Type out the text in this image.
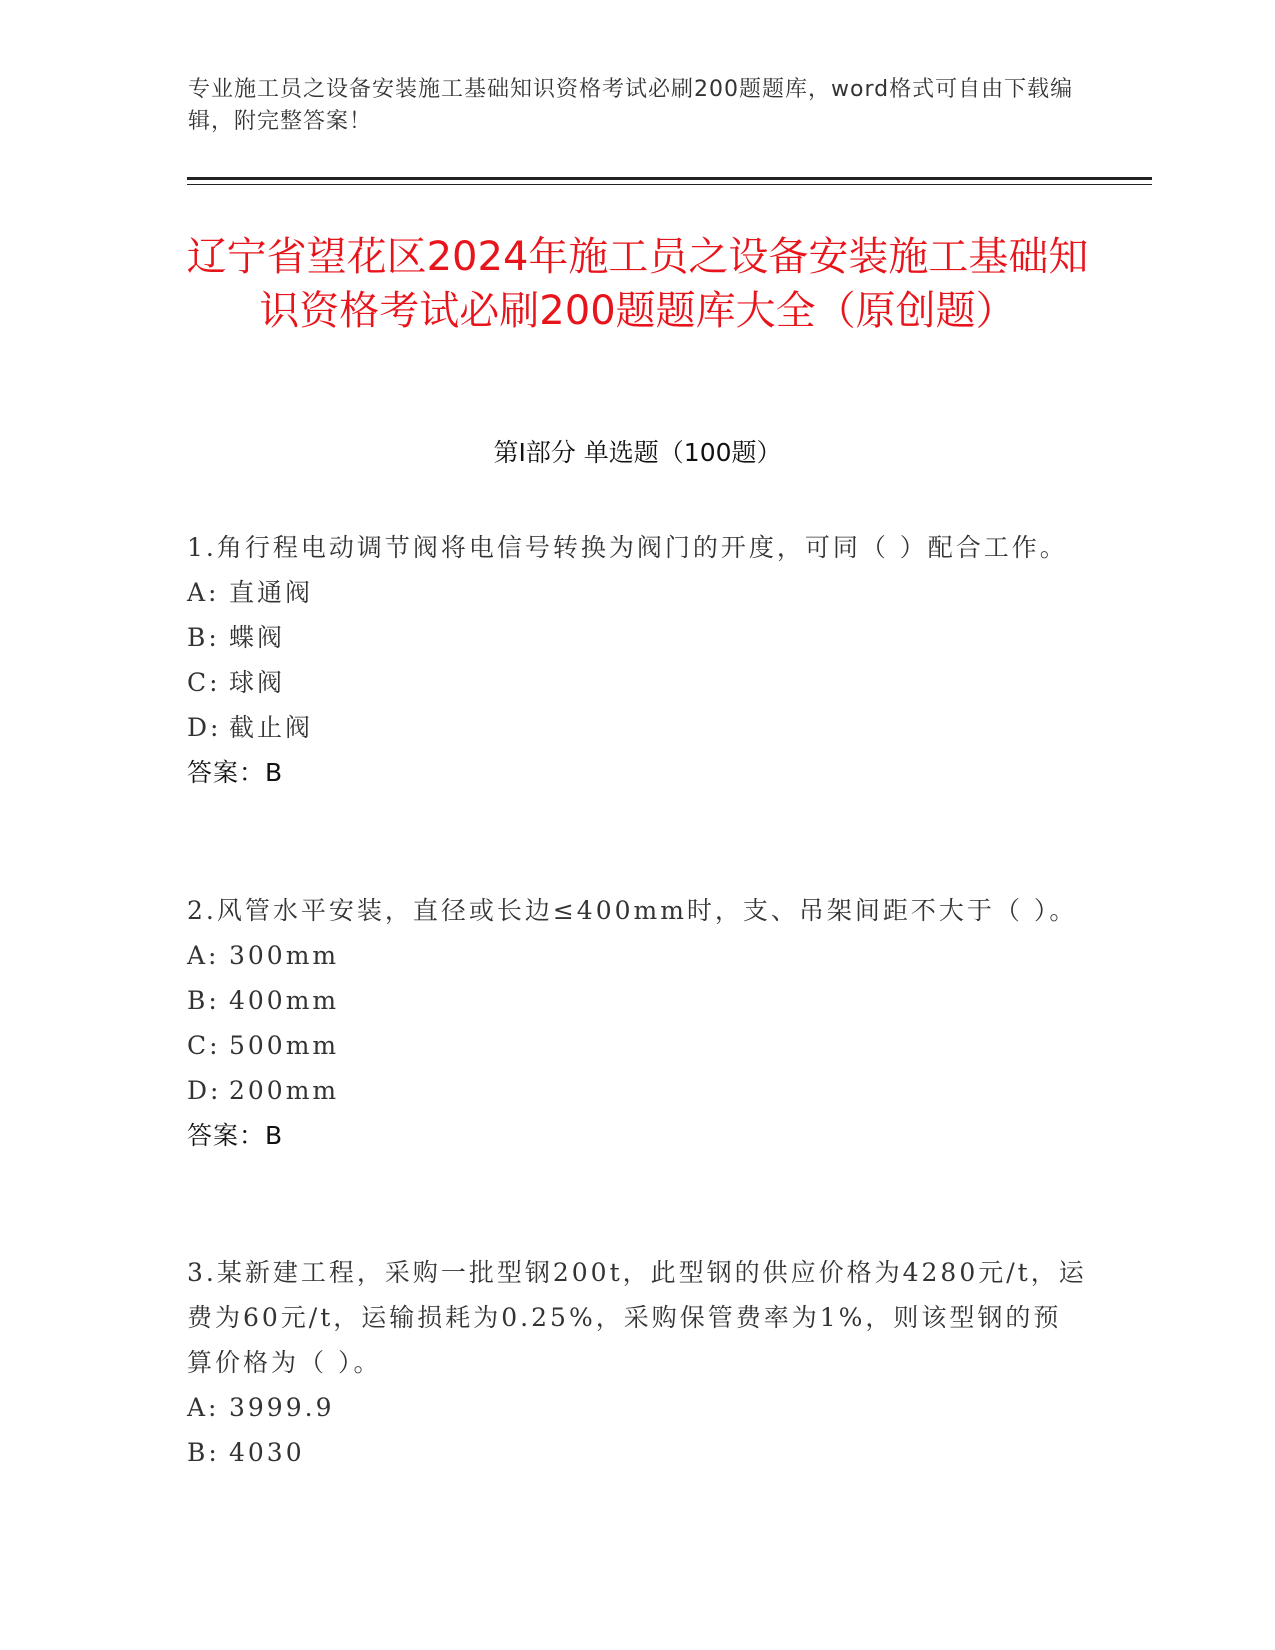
专业施工员之设备安装施工基础知识资格考试必刷200题题库，word格式可自由下载编辑，附完整答案！
辽宁省望花区2024年施工员之设备安装施工基础知识资格考试必刷200题题库大全（原创题）
第Ⅰ部分 单选题（100题）

1.角行程电动调节阀将电信号转换为阀门的开度，可同（ ）配合工作。

A: 直通阀

B: 蝶阀

C: 球阀

D: 截止阀

答案：B

2.风管水平安装，直径或长边≤400mm时，支、吊架间距不大于（ ）。

A: 300mm

B: 400mm

C: 500mm

D: 200mm

答案：B

3.某新建工程，采购一批型钢200t，此型钢的供应价格为4280元/t，运费为60元/t，运输损耗为0.25%，采购保管费率为1%，则该型钢的预算价格为（ ）。

A: 3999.9

B: 4030
